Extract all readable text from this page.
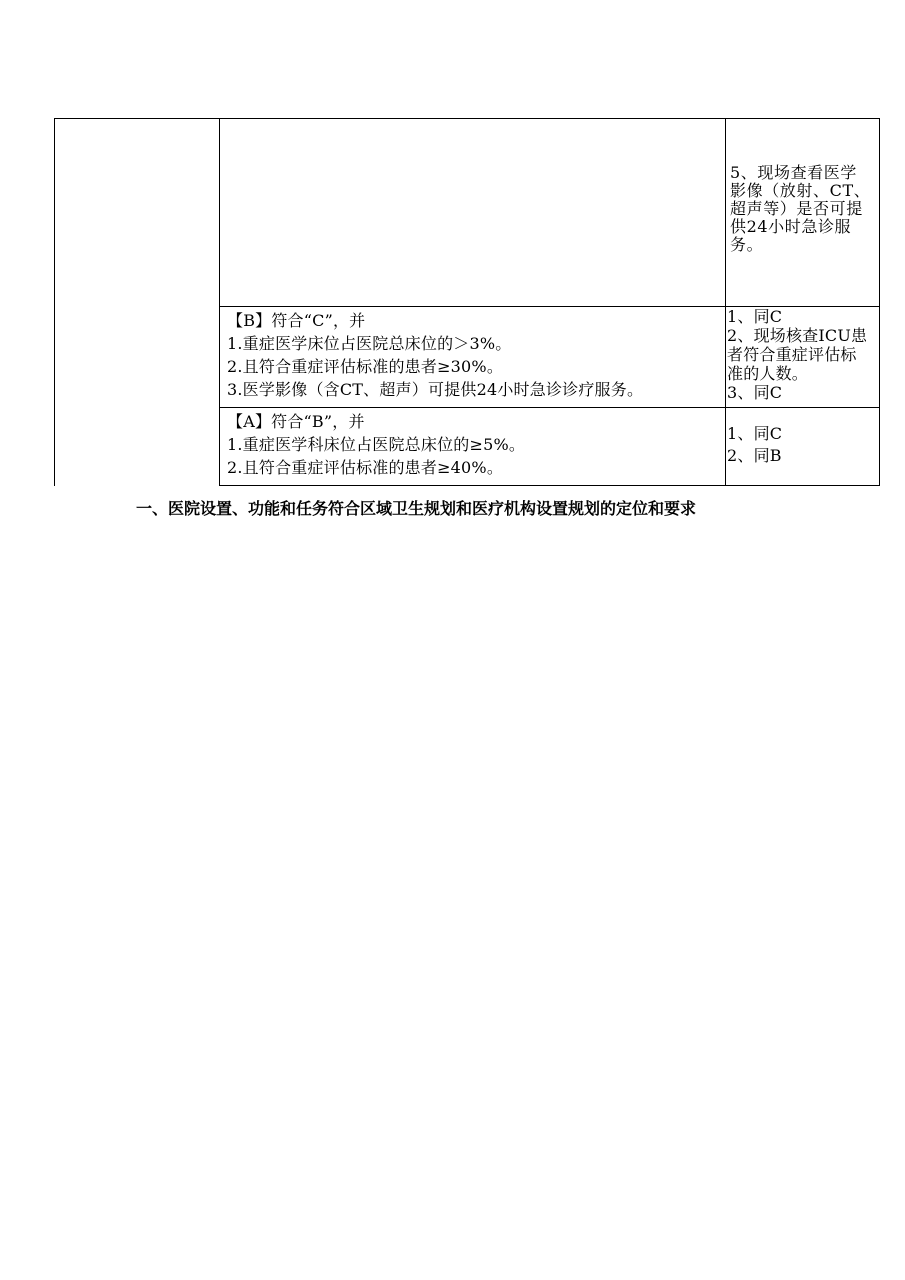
5、现场查看医学

影像（放射、CT、

超声等）是否可提

供24小时急诊服

务。

【B】符合“C”，并

1.重症医学床位占医院总床位的＞3%。

2.且符合重症评估标准的患者≥30%。

3.医学影像（含CT、超声）可提供24小时急诊诊疗服务。

1、同C

2、现场核查ICU患

者符合重症评估标

准的人数。

3、同C

【A】符合“B”，并

1.重症医学科床位占医院总床位的≥5%。

2.且符合重症评估标准的患者≥40%。

1、同C

2、同B

一、医院设置、功能和任务符合区域卫生规划和医疗机构设置规划的定位和要求
